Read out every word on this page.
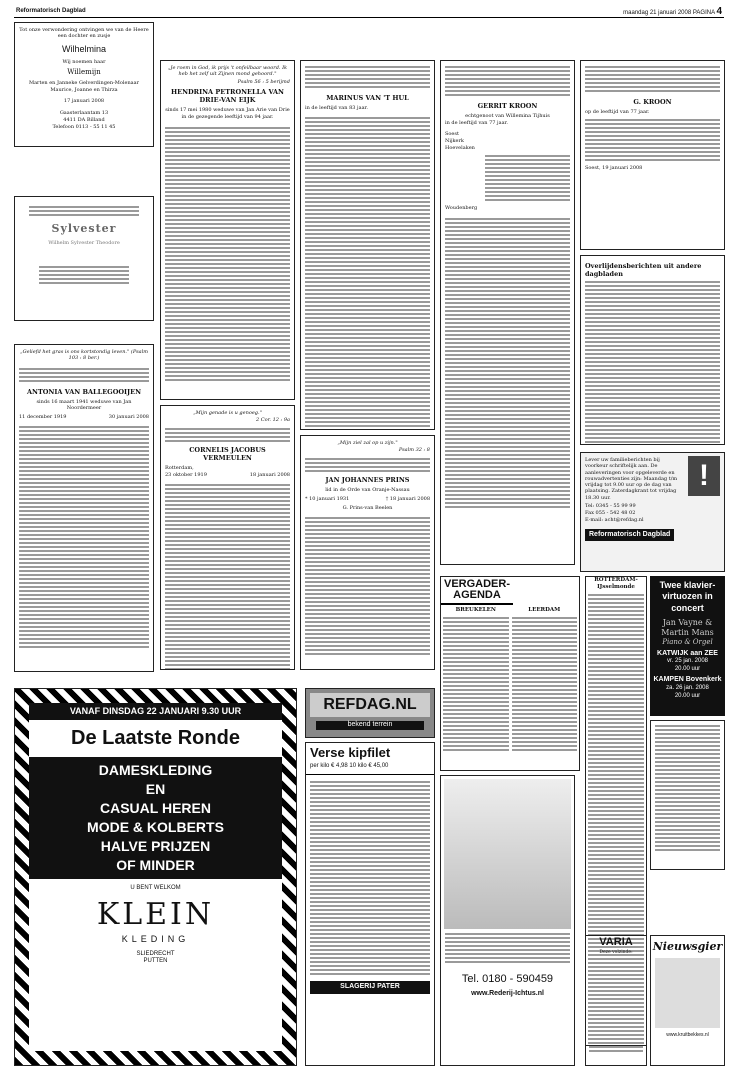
Reformatorisch Dagblad	maandag 21 januari 2008 PAGINA 4

Tot onze verwondering ontvingen we van de Heere een dochter en zusje

Wilhelmina

Wij noemen haar

Willemijn

Marten en Janneke Gelverdingen-Molenaar

Maurice, Joanne en Thirza

17 januari 2008

Gaasterlaantam 13

4411 DA Billand

Telefoon 0113 - 55 11 45

Sylvester

Wilhelm Sylvester Theodore

„Geliefd het gras is ons kortstondig leven." (Psalm 103 : 8 ber.)

ANTONIA VAN BALLEGOOIJEN

sinds 16 maart 1941 weduwe van Jan Noordermeer

11 december 1919	30 januari 2008

„Je roem in God, ik prijs 't onfeilbaar woord. Ik heb het zelf uit Zijnen mond gehoord."

Psalm 56 : 5 berijmd

HENDRINA PETRONELLA VAN DRIE-VAN EIJK

sinds 17 mei 1980 weduwe van Jan Arie van Drie

in de gezegende leeftijd van 94 jaar.

„Mijn genade is u genoeg."

2 Cor. 12 : 9a

CORNELIS JACOBUS VERMEULEN

Rotterdam,

23 oktober 1919	18 januari 2008

MARINUS VAN 'T HUL

in de leeftijd van 83 jaar.

„Mijn ziel zal op u zijn."

Psalm 32 : 8

JAN JOHANNES PRINS

lid in de Orde van Oranje-Nassau

* 10 januari 1931	† 18 januari 2008

G. Prins-van Beelen

GERRIT KROON

echtgenoot van Willemina Tijhuis

in de leeftijd van 77 jaar.

Soest

Nijkerk

Hoevelaken

Woudenberg

G. KROON

op de leeftijd van 77 jaar.

Soest, 19 januari 2008

Overlijdensberichten uit andere dagbladen

Lever uw familieberichten bij voorkeur schriftelijk aan. De aanleveringen voor opgeleverde en rouwadvertenties zijn: Maandag t/m vrijdag tot 9.00 uur op de dag van plaatsing. Zaterdagkrant tot vrijdag 18.30 uur.

!

Tel: 0345 - 55 99 99

Fax 055 - 542 48 02

E-mail: acht@refdag.nl

Reformatorisch Dagblad
VANAF DINSDAG 22 JANUARI 9.30 UUR
De Laatste Ronde
DAMESKLEDING
EN
CASUAL HEREN
MODE & KOLBERTS
HALVE PRIJZEN
OF MINDER
U BENT WELKOM
KLEIN
KLEDING
SLIEDRECHT
PUTTEN
REFDAG.NL
bekend terrein
Verse kipfilet
per kilo € 4,98 10 kilo € 45,00
SLAGERIJ PATER
Tel. 0180 - 590459
www.Rederij-Ichtus.nl
VERGADER-AGENDA
BREUKELEN	LEERDAM
ROTTERDAM-IJsselmonde	Twee klavier-virtuozen in concert
Jan Vayne & Martin Mans
Piano & Orgel
KATWIJK aan ZEE
vr. 25 jan. 2008
20.00 uur
KAMPEN Bovenkerk
za. 26 jan. 2008
20.00 uur
VARIA
Deze volzinde:	Nieuwsgier
www.kruitbekkes.nl
